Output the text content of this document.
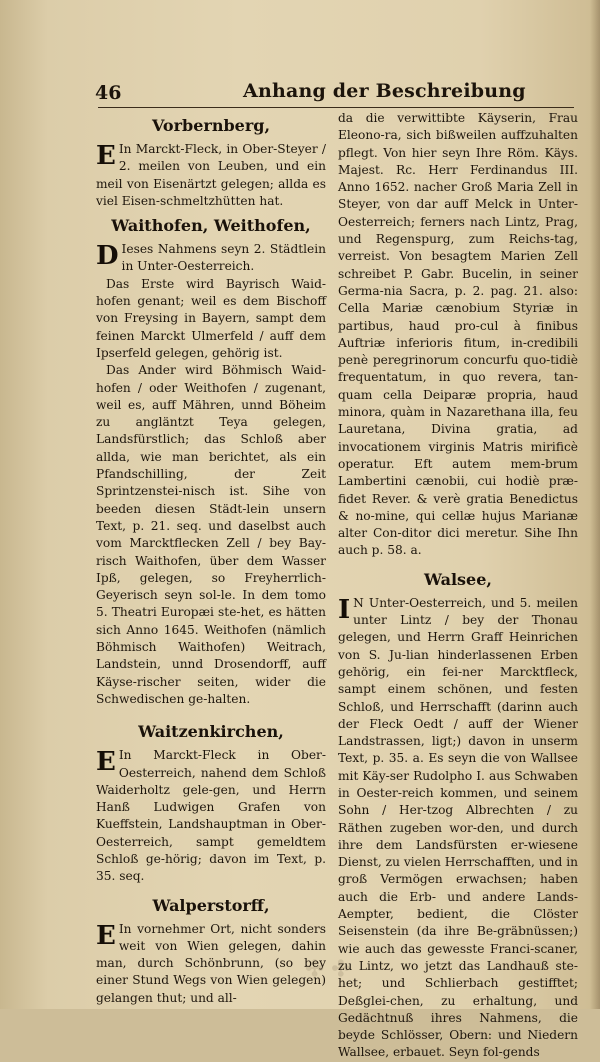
✣ ✣
46	Anhang der Beschreibung
Vorbernberg,

E In Marckt-Fleck, in Ober-Steyer / 2. meilen von Leuben, und ein meil von Eisenärtzt gelegen; allda es viel Eisen-schmeltzhütten hat.

Waithofen, Weithofen,

D Ieses Nahmens seyn 2. Städtlein in Unter-Oesterreich.

Das Erste wird Bayrisch Waid-hofen genant; weil es dem Bischoff von Freysing in Bayern, sampt dem feinen Marckt Ulmerfeld / auff dem Ipserfeld gelegen, gehörig ist.

Das Ander wird Böhmisch Waid-hofen / oder Weithofen / zugenant, weil es, auff Mähren, unnd Böheim zu angläntzt Teya gelegen, Landsfürstlich; das Schloß aber allda, wie man berichtet, als ein Pfandschilling, der Zeit Sprintzenstei-nisch ist. Sihe von beeden diesen Städt-lein unsern Text, p. 21. seq. und daselbst auch vom Marcktflecken Zell / bey Bay-risch Waithofen, über dem Wasser Ipß, gelegen, so Freyherrlich-Geyerisch seyn sol-le. In dem tomo 5. Theatri Europæi ste-het, es hätten sich Anno 1645. Weithofen (nämlich Böhmisch Waithofen) Weitrach, Landstein, unnd Drosendorff, auff Käyse-rischer seiten, wider die Schwedischen ge-halten.

Waitzenkirchen,

E In Marckt-Fleck in Ober-Oesterreich, nahend dem Schloß Waiderholtz gele-gen, und Herrn Hanß Ludwigen Grafen von Kueffstein, Landshauptman in Ober-Oesterreich, sampt gemeldtem Schloß ge-hörig; davon im Text, p. 35. seq.

Walperstorff,

E In vornehmer Ort, nicht sonders weit von Wien gelegen, dahin man, durch Schönbrunn, (so bey einer Stund Wegs von Wien gelegen) gelangen thut; und all-

da die verwittibte Käyserin, Frau Eleono-ra, sich bißweilen auffzuhalten pflegt. Von hier seyn Ihre Röm. Käys. Majest. Rc. Herr Ferdinandus III. Anno 1652. nacher Groß Maria Zell in Steyer, von dar auff Melck in Unter-Oesterreich; ferners nach Lintz, Prag, und Regenspurg, zum Reichs-tag, verreist. Von besagtem Marien Zell schreibet P. Gabr. Bucelin, in seiner Germa-nia Sacra, p. 2. pag. 21. also: Cella Mariæ cænobium Styriæ in partibus, haud pro-cul à finibus Auftriæ inferioris fitum, in-credibili penè peregrinorum concurfu quo-tidiè frequentatum, in quo revera, tan-quam cella Deiparæ propria, haud minora, quàm in Nazarethana illa, feu Lauretana, Divina gratia, ad invocationem virginis Matris mirificè operatur. Eft autem mem-brum Lambertini cænobii, cui hodiè præ-fidet Rever. & verè gratia Benedictus & no-mine, qui cellæ hujus Marianæ alter Con-ditor dici meretur. Sihe Ihn auch p. 58. a.

Walsee,

I N Unter-Oesterreich, und 5. meilen unter Lintz / bey der Thonau gelegen, und Herrn Graff Heinrichen von S. Ju-lian hinderlassenen Erben gehörig, ein fei-ner Marcktfleck, sampt einem schönen, und festen Schloß, und Herrschafft (darinn auch der Fleck Oedt / auff der Wiener Landstrassen, ligt;) davon in unserm Text, p. 35. a. Es seyn die von Wallsee mit Käy-ser Rudolpho I. aus Schwaben in Oester-reich kommen, und seinem Sohn / Her-tzog Albrechten / zu Räthen zugeben wor-den, und durch ihre dem Landsfürsten er-wiesene Dienst, zu vielen Herrschafften, und in groß Vermögen erwachsen; haben auch die Erb- und andere Lands-Aempter, bedient, die Clöster Seisenstein (da ihre Be-gräbnüssen;) wie auch das gewesste Franci-scaner, zu Lintz, wo jetzt das Landhauß ste-het; und Schlierbach gestifftet; Deßglei-chen, zu erhaltung, und Gedächtnuß ihres Nahmens, die beyde Schlösser, Obern: und Niedern Wallsee, erbauet. Seyn fol-gends
